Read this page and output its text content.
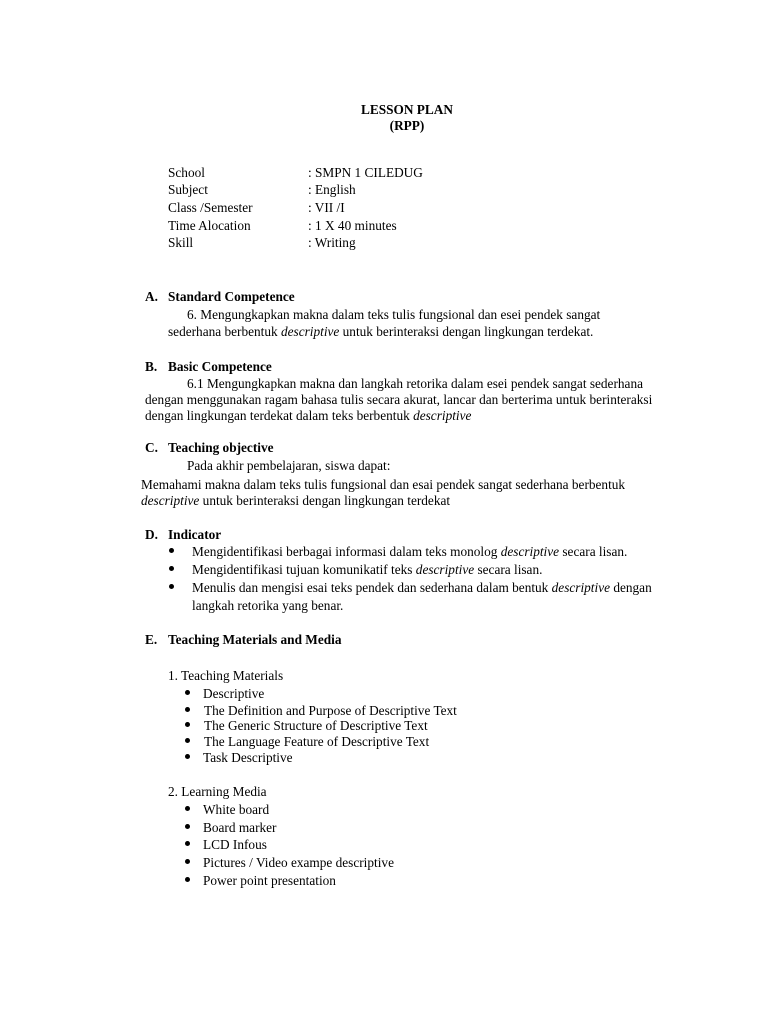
LESSON PLAN
(RPP)
School	: SMPN 1 CILEDUG
Subject	: English
Class /Semester	: VII /I
Time Alocation	: 1 X 40 minutes
Skill	: Writing
A. Standard Competence
6. Mengungkapkan makna dalam teks tulis fungsional dan esei pendek sangat
sederhana berbentuk descriptive untuk berinteraksi dengan lingkungan terdekat.
B. Basic Competence
6.1 Mengungkapkan makna dan langkah retorika dalam esei pendek sangat sederhana
dengan menggunakan ragam bahasa tulis secara akurat, lancar dan berterima untuk berinteraksi
dengan lingkungan terdekat dalam teks berbentuk descriptive
C. Teaching objective
Pada akhir pembelajaran, siswa dapat:
Memahami makna dalam teks tulis fungsional dan esai pendek sangat sederhana berbentuk
descriptive untuk berinteraksi dengan lingkungan terdekat
D. Indicator
Mengidentifikasi berbagai informasi dalam teks monolog descriptive secara lisan.
Mengidentifikasi tujuan komunikatif teks descriptive secara lisan.
Menulis dan mengisi esai teks pendek dan sederhana dalam bentuk descriptive dengan
langkah retorika yang benar.
E. Teaching Materials and Media
1. Teaching Materials
Descriptive
The Definition and Purpose of Descriptive Text
The Generic Structure of Descriptive Text
The Language Feature of Descriptive Text
Task Descriptive
2. Learning Media
White board
Board marker
LCD Infous
Pictures / Video exampe descriptive
Power point presentation
